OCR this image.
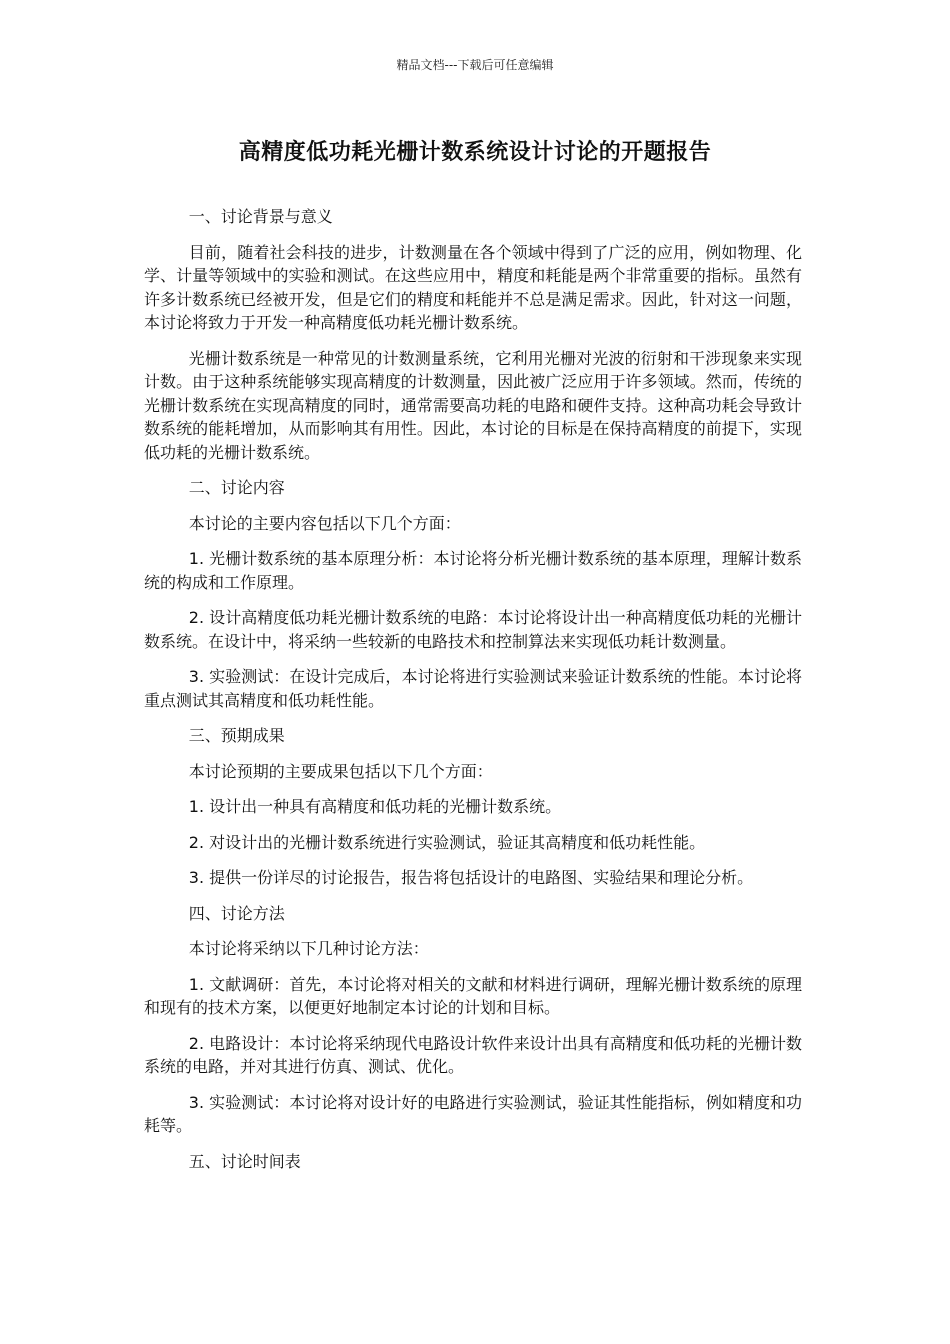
精品文档---下载后可任意编辑
高精度低功耗光栅计数系统设计讨论的开题报告
一、讨论背景与意义
目前，随着社会科技的进步，计数测量在各个领域中得到了广泛的应用，例如物理、化学、计量等领域中的实验和测试。在这些应用中，精度和耗能是两个非常重要的指标。虽然有许多计数系统已经被开发，但是它们的精度和耗能并不总是满足需求。因此，针对这一问题，本讨论将致力于开发一种高精度低功耗光栅计数系统。
光栅计数系统是一种常见的计数测量系统，它利用光栅对光波的衍射和干涉现象来实现计数。由于这种系统能够实现高精度的计数测量，因此被广泛应用于许多领域。然而，传统的光栅计数系统在实现高精度的同时，通常需要高功耗的电路和硬件支持。这种高功耗会导致计数系统的能耗增加，从而影响其有用性。因此，本讨论的目标是在保持高精度的前提下，实现低功耗的光栅计数系统。
二、讨论内容
本讨论的主要内容包括以下几个方面：
1. 光栅计数系统的基本原理分析：本讨论将分析光栅计数系统的基本原理，理解计数系统的构成和工作原理。
2. 设计高精度低功耗光栅计数系统的电路：本讨论将设计出一种高精度低功耗的光栅计数系统。在设计中，将采纳一些较新的电路技术和控制算法来实现低功耗计数测量。
3. 实验测试：在设计完成后，本讨论将进行实验测试来验证计数系统的性能。本讨论将重点测试其高精度和低功耗性能。
三、预期成果
本讨论预期的主要成果包括以下几个方面：
1. 设计出一种具有高精度和低功耗的光栅计数系统。
2. 对设计出的光栅计数系统进行实验测试，验证其高精度和低功耗性能。
3. 提供一份详尽的讨论报告，报告将包括设计的电路图、实验结果和理论分析。
四、讨论方法
本讨论将采纳以下几种讨论方法：
1. 文献调研：首先，本讨论将对相关的文献和材料进行调研，理解光栅计数系统的原理和现有的技术方案，以便更好地制定本讨论的计划和目标。
2. 电路设计：本讨论将采纳现代电路设计软件来设计出具有高精度和低功耗的光栅计数系统的电路，并对其进行仿真、测试、优化。
3. 实验测试：本讨论将对设计好的电路进行实验测试，验证其性能指标，例如精度和功耗等。
五、讨论时间表
